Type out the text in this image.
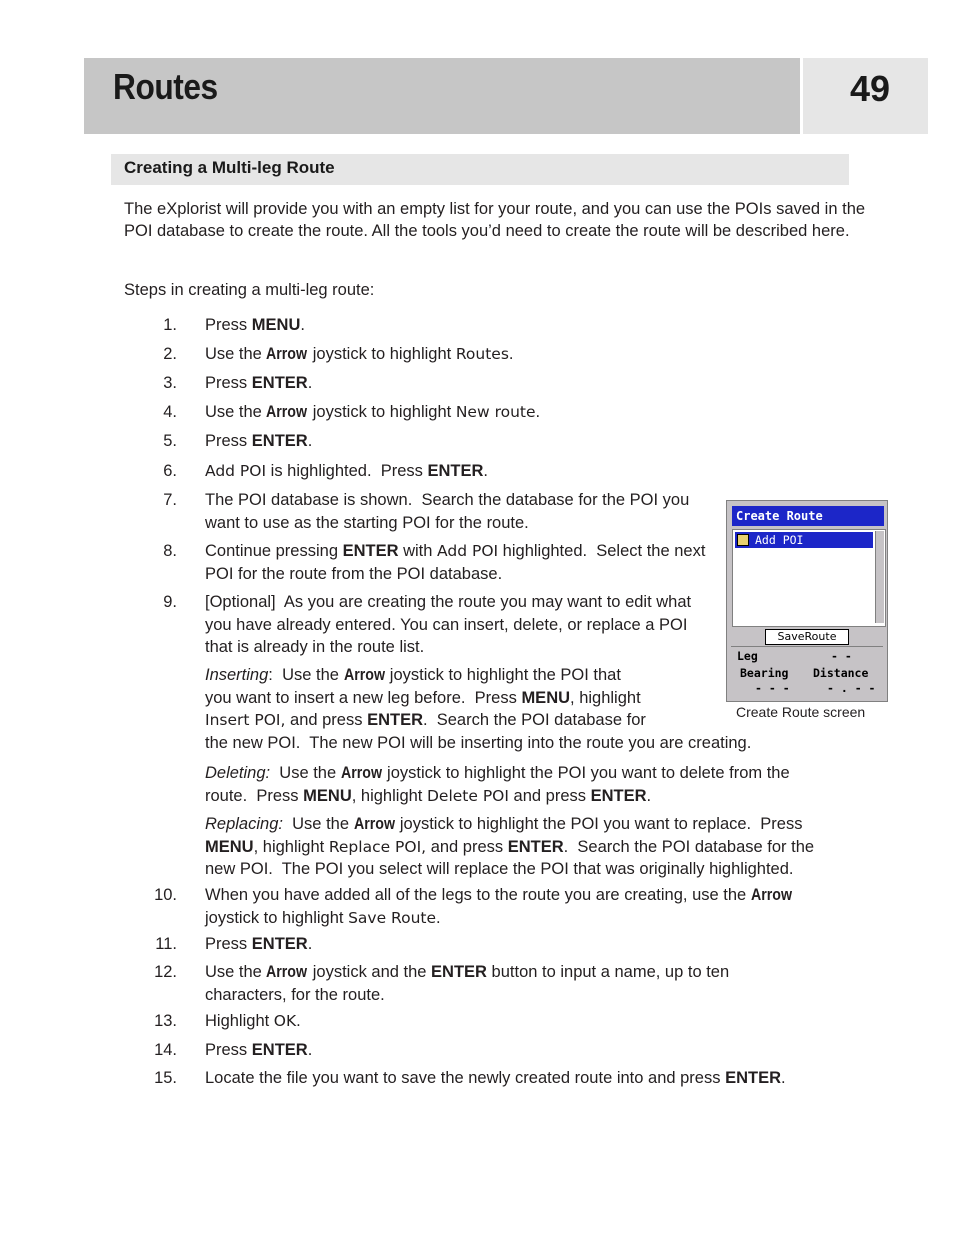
Routes	49
Creating a Multi-leg Route
The eXplorist will provide you with an empty list for your route, and you can use the POIs saved in the POI database to create the route. All the tools you’d need to create the route will be described here.
Steps in creating a multi-leg route:
1. Press MENU.
2. Use the Arrow joystick to highlight Routes.
3. Press ENTER.
4. Use the Arrow joystick to highlight New route.
5. Press ENTER.
6. Add POI is highlighted.  Press ENTER.
7. The POI database is shown.  Search the database for the POI you want to use as the starting POI for the route.
8. Continue pressing ENTER with Add POI highlighted.  Select the next POI for the route from the POI database.
9. [Optional]  As you are creating the route you may want to edit what you have already entered. You can insert, delete, or replace a POI that is already in the route list.
Inserting:  Use the Arrow joystick to highlight the POI that
you want to insert a new leg before.  Press MENU, highlight
Insert POI, and press ENTER.  Search the POI database for
the new POI.  The new POI will be inserting into the route you are creating.
Deleting: Use the Arrow joystick to highlight the POI you want to delete from the
route.  Press MENU, highlight Delete POI and press ENTER.
Replacing: Use the Arrow joystick to highlight the POI you want to replace.  Press
MENU, highlight Replace POI, and press ENTER.  Search the POI database for the
new POI.  The POI you select will replace the POI that was originally highlighted.
10. When you have added all of the legs to the route you are creating, use the Arrow
joystick to highlight Save Route.
11. Press ENTER.
12. Use the Arrow joystick and the ENTER button to input a name, up to ten
characters, for the route.
13. Highlight OK.
14. Press ENTER.
15. Locate the file you want to save the newly created route into and press ENTER.
Create Route
Add POI
SaveRoute
Leg	- -
Bearing Distance
- - -	- . - -
Create Route screen
